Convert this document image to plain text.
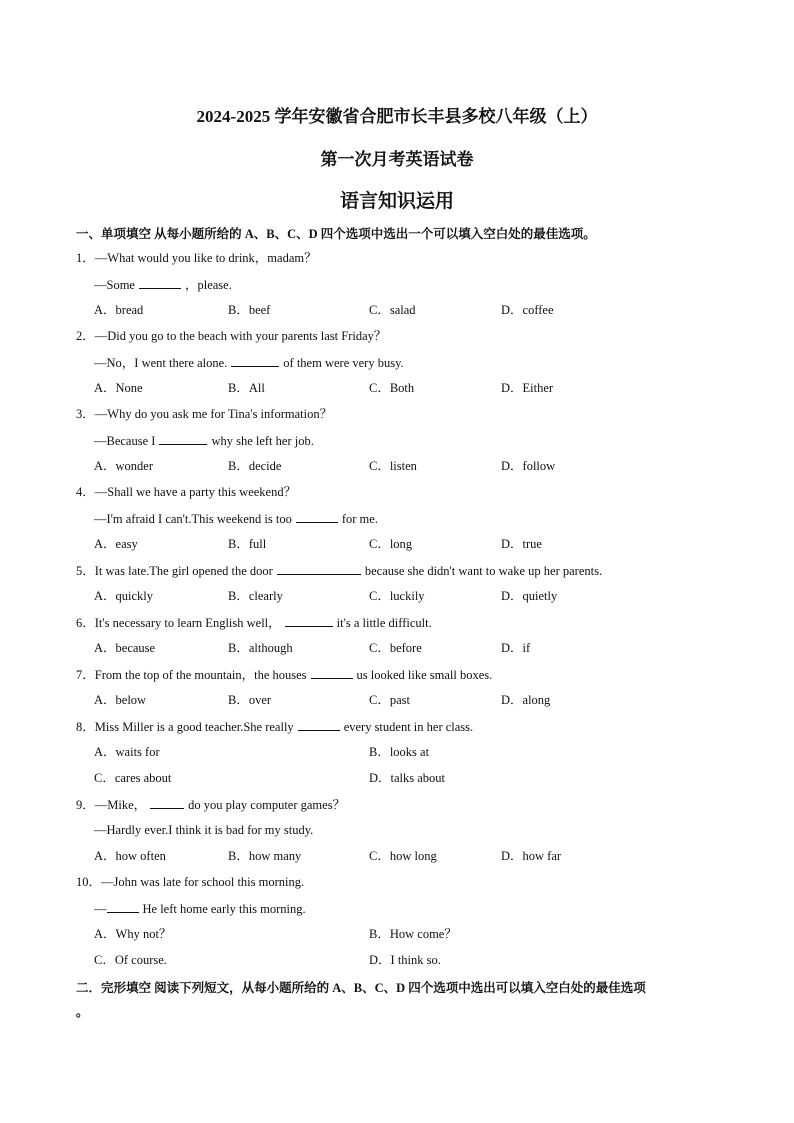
2024-2025 学年安徽省合肥市长丰县多校八年级（上）
第一次月考英语试卷
语言知识运用
一、单项填空 从每小题所给的 A、B、C、D 四个选项中选出一个可以填入空白处的最佳选项。
1．—What would you like to drink，madam？
—Some	，please.
A．bread	B．beef	C．salad	D．coffee
2．—Did you go to the beach with your parents last Friday？
—No，I went there alone.	of them were very busy.
A．None	B．All	C．Both	D．Either
3．—Why do you ask me for Tina's information？
—Because I	why she left her job.
A．wonder	B．decide	C．listen	D．follow
4．—Shall we have a party this weekend？
—I'm afraid I can't.This weekend is too	for me.
A．easy	B．full	C．long	D．true
5．It was late.The girl opened the door	because she didn't want to wake up her parents.
A．quickly	B．clearly	C．luckily	D．quietly
6．It's necessary to learn English well，	it's a little difficult.
A．because	B．although	C．before	D．if
7．From the top of the mountain，the houses	us looked like small boxes.
A．below	B．over	C．past	D．along
8．Miss Miller is a good teacher.She really	every student in her class.
A．waits for	B．looks at
C．cares about	D．talks about
9．—Mike，	do you play computer games？
—Hardly ever.I think it is bad for my study.
A．how often	B．how many	C．how long	D．how far
10．—John was late for school this morning.
—	He left home early this morning.
A．Why not？	B．How come？
C．Of course.	D．I think so.
二．完形填空 阅读下列短文，从每小题所给的 A、B、C、D 四个选项中选出可以填入空白处的最佳选项
。
